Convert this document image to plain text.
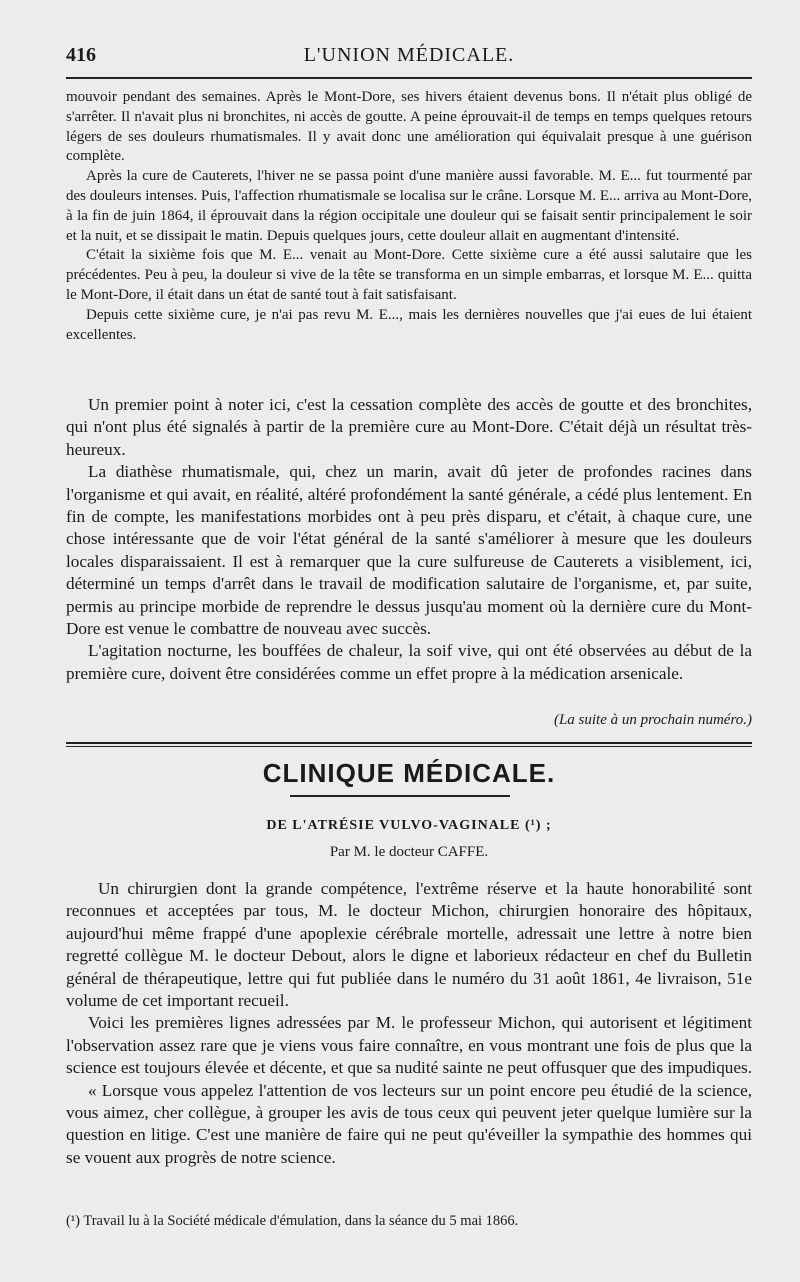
416	L'UNION MÉDICALE.

mouvoir pendant des semaines. Après le Mont-Dore, ses hivers étaient devenus bons. Il n'était plus obligé de s'arrêter. Il n'avait plus ni bronchites, ni accès de goutte. A peine éprouvait-il de temps en temps quelques retours légers de ses douleurs rhumatismales. Il y avait donc une amélioration qui équivalait presque à une guérison complète.

Après la cure de Cauterets, l'hiver ne se passa point d'une manière aussi favorable. M. E... fut tourmenté par des douleurs intenses. Puis, l'affection rhumatismale se localisa sur le crâne. Lorsque M. E... arriva au Mont-Dore, à la fin de juin 1864, il éprouvait dans la région occipitale une douleur qui se faisait sentir principalement le soir et la nuit, et se dissipait le matin. Depuis quelques jours, cette douleur allait en augmentant d'intensité.

C'était la sixième fois que M. E... venait au Mont-Dore. Cette sixième cure a été aussi salutaire que les précédentes. Peu à peu, la douleur si vive de la tête se transforma en un simple embarras, et lorsque M. E... quitta le Mont-Dore, il était dans un état de santé tout à fait satisfaisant.

Depuis cette sixième cure, je n'ai pas revu M. E..., mais les dernières nouvelles que j'ai eues de lui étaient excellentes.

Un premier point à noter ici, c'est la cessation complète des accès de goutte et des bronchites, qui n'ont plus été signalés à partir de la première cure au Mont-Dore. C'était déjà un résultat très-heureux.

La diathèse rhumatismale, qui, chez un marin, avait dû jeter de profondes racines dans l'organisme et qui avait, en réalité, altéré profondément la santé générale, a cédé plus lentement. En fin de compte, les manifestations morbides ont à peu près disparu, et c'était, à chaque cure, une chose intéressante que de voir l'état général de la santé s'améliorer à mesure que les douleurs locales disparaissaient. Il est à remarquer que la cure sulfureuse de Cauterets a visiblement, ici, déterminé un temps d'arrêt dans le travail de modification salutaire de l'organisme, et, par suite, permis au principe morbide de reprendre le dessus jusqu'au moment où la dernière cure du Mont-Dore est venue le combattre de nouveau avec succès.

L'agitation nocturne, les bouffées de chaleur, la soif vive, qui ont été observées au début de la première cure, doivent être considérées comme un effet propre à la médication arsenicale.

(La suite à un prochain numéro.)
CLINIQUE MÉDICALE.
DE L'ATRÉSIE VULVO-VAGINALE (¹) ;
Par M. le docteur CAFFE.

Un chirurgien dont la grande compétence, l'extrême réserve et la haute honorabilité sont reconnues et acceptées par tous, M. le docteur Michon, chirurgien honoraire des hôpitaux, aujourd'hui même frappé d'une apoplexie cérébrale mortelle, adressait une lettre à notre bien regretté collègue M. le docteur Debout, alors le digne et laborieux rédacteur en chef du Bulletin général de thérapeutique, lettre qui fut publiée dans le numéro du 31 août 1861, 4e livraison, 51e volume de cet important recueil.

Voici les premières lignes adressées par M. le professeur Michon, qui autorisent et légitiment l'observation assez rare que je viens vous faire connaître, en vous montrant une fois de plus que la science est toujours élevée et décente, et que sa nudité sainte ne peut offusquer que des impudiques.

« Lorsque vous appelez l'attention de vos lecteurs sur un point encore peu étudié de la science, vous aimez, cher collègue, à grouper les avis de tous ceux qui peuvent jeter quelque lumière sur la question en litige. C'est une manière de faire qui ne peut qu'éveiller la sympathie des hommes qui se vouent aux progrès de notre science.

(¹) Travail lu à la Société médicale d'émulation, dans la séance du 5 mai 1866.
